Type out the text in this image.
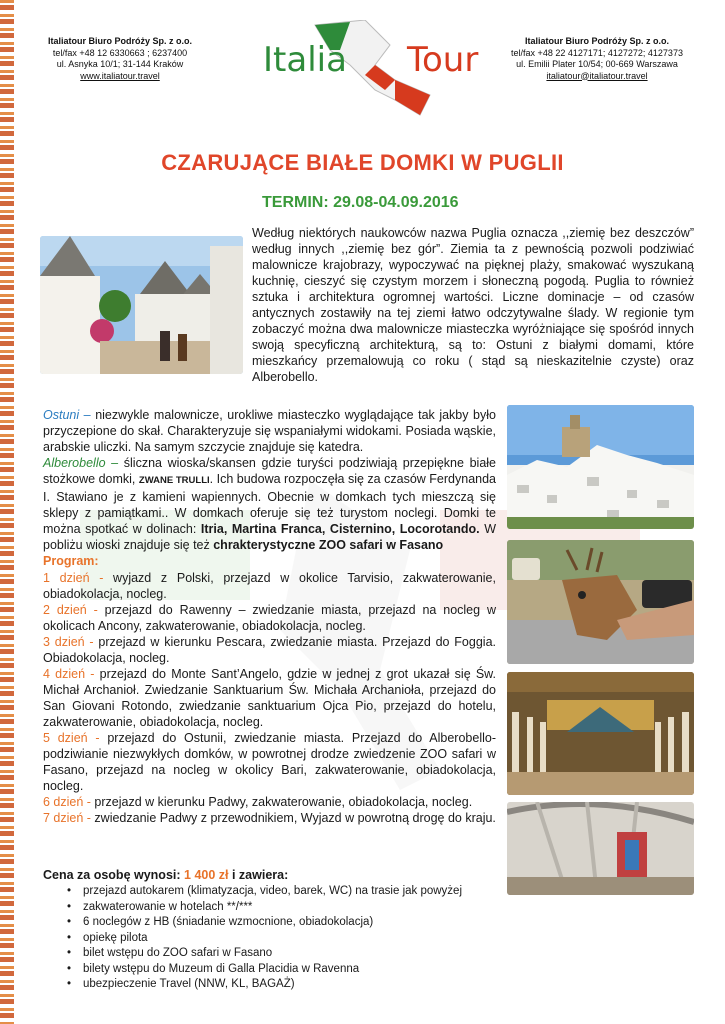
Italiatour Biuro Podróży Sp. z o.o.
tel/fax +48 12 6330663 ; 6237400
ul. Asnyka 10/1; 31-144 Kraków
www.italiatour.travel	Italia Tour	Italiatour Biuro Podróży Sp. z o.o.
tel/fax +48 22 4127171; 4127272; 4127373
ul. Emilii Plater 10/54; 00-669 Warszawa
italiatour@italiatour.travel
CZARUJĄCE BIAŁE DOMKI W PUGLII
TERMIN: 29.08-04.09.2016

Według niektórych naukowców nazwa Puglia oznacza ,,ziemię bez deszczów” według innych ,,ziemię bez gór”. Ziemia ta z pewnością pozwoli podziwiać malownicze krajobrazy, wypoczywać na pięknej plaży, smakować wyszukaną kuchnię, cieszyć się czystym morzem i słoneczną pogodą. Puglia to również sztuka i architektura ogromnej wartości. Liczne dominacje – od czasów antycznych zostawiły na tej ziemi łatwo odczytywalne ślady. W regionie tym zobaczyć można dwa malownicze miasteczka wyróżniające się spośród innych swoją specyficzną architekturą, są to: Ostuni z białymi domami, które mieszkańcy przemalowują co roku ( stąd są nieskazitelnie czyste) oraz Alberobello.

Ostuni – niezwykle malownicze, urokliwe miasteczko wyglądające tak jakby było przyczepione do skał. Charakteryzuje się wspaniałymi widokami. Posiada wąskie, arabskie uliczki. Na samym szczycie znajduje się katedra.
Alberobello – śliczna wioska/skansen gdzie turyści podziwiają przepiękne białe stożkowe domki, ZWANE TRULLI. Ich budowa rozpoczęła się za czasów Ferdynanda I. Stawiano je z kamieni wapiennych. Obecnie w domkach tych mieszczą się sklepy z pamiątkami.. W domkach oferuje się też turystom noclegi. Domki te można spotkać w dolinach: Itria, Martina Franca, Cisternino, Locorotando. W pobliżu wioski znajduje się też chrakterystyczne ZOO safari w Fasano
Program:

1 dzień - wyjazd z Polski, przejazd w okolice Tarvisio, zakwaterowanie, obiadokolacja, nocleg.
2 dzień - przejazd do Rawenny – zwiedzanie miasta, przejazd na nocleg w okolicach Ancony, zakwaterowanie, obiadokolacja, nocleg.
3 dzień - przejazd w kierunku Pescara, zwiedzanie miasta. Przejazd do Foggia. Obiadokolacja, nocleg.
4 dzień - przejazd do Monte Sant’Angelo, gdzie w jednej z grot ukazał się Św. Michał Archanioł. Zwiedzanie Sanktuarium Św. Michała Archanioła, przejazd do San Giovani Rotondo, zwiedzanie sanktuarium Ojca Pio, przejazd do hotelu, zakwaterowanie, obiadokolacja, nocleg.
5 dzień - przejazd do Ostunii, zwiedzanie miasta. Przejazd do Alberobello- podziwianie niezwykłych domków, w powrotnej drodze zwiedzenie ZOO safari w Fasano, przejazd na nocleg w okolicy Bari, zakwaterowanie, obiadokolacja, nocleg.
6 dzień - przejazd w kierunku Padwy, zakwaterowanie, obiadokolacja, nocleg.
7 dzień - zwiedzanie Padwy z przewodnikiem, Wyjazd w powrotną drogę do kraju.

Cena za osobę wynosi: 1 400 zł i zawiera:

• przejazd autokarem (klimatyzacja, video, barek, WC) na trasie jak powyżej
• zakwaterowanie w hotelach **/***
• 6 noclegów z HB (śniadanie wzmocnione, obiadokolacja)
• opiekę pilota
• bilet wstępu do ZOO safari w Fasano
• bilety wstępu do Muzeum di Galla Placidia w Ravenna
• ubezpieczenie Travel (NNW, KL, BAGAŻ)
